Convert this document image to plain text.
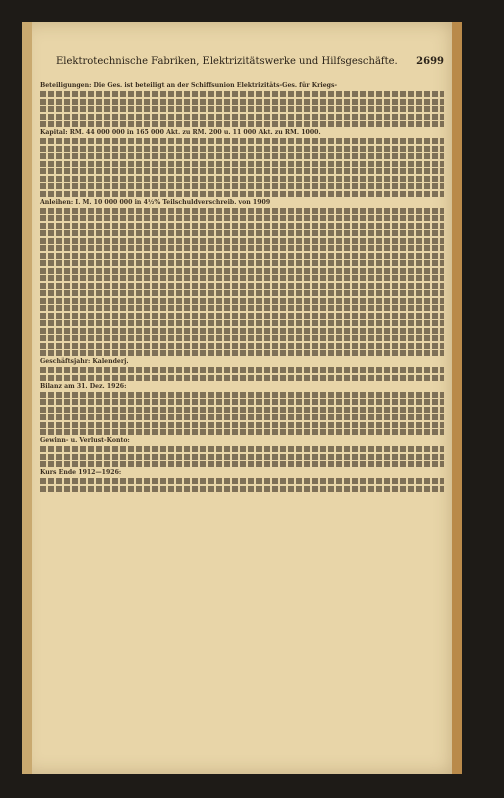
Elektrotechnische Fabriken, Elektrizitätswerke und Hilfsgeschäfte. 2699
Beteiligungen: Die Ges. ist beteiligt an der Schiffsunion Elektrizitäts-Ges. für Kriegs-
Kapital: RM. 44 000 000 in 165 000 Akt. zu RM. 200 u. 11 000 Akt. zu RM. 1000.
Anleihen: I. M. 10 000 000 in 4½% Teilschuldverschreib. von 1909
Geschäftsjahr: Kalenderj.
Bilanz am 31. Dez. 1926:
Gewinn- u. Verlust-Konto:
Kurs Ende 1912—1926:
